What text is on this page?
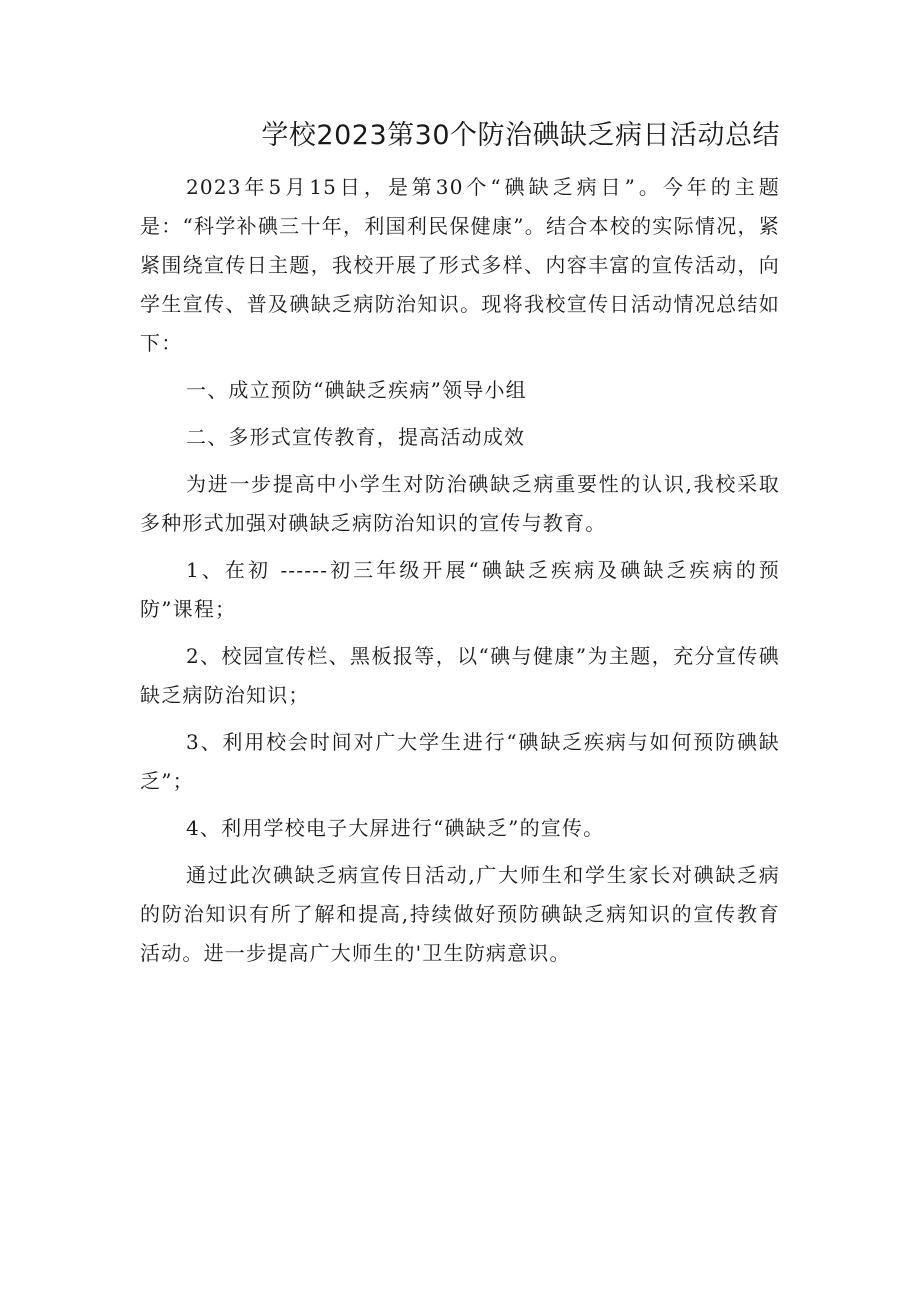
学校2023第30个防治碘缺乏病日活动总结

2023年5月15日，是第30个“碘缺乏病日”。今年的主题是：“科学补碘三十年，利国利民保健康”。结合本校的实际情况，紧紧围绕宣传日主题，我校开展了形式多样、内容丰富的宣传活动，向学生宣传、普及碘缺乏病防治知识。现将我校宣传日活动情况总结如下：

一、成立预防“碘缺乏疾病”领导小组

二、多形式宣传教育，提高活动成效

为进一步提高中小学生对防治碘缺乏病重要性的认识,我校采取多种形式加强对碘缺乏病防治知识的宣传与教育。

1、在初 ------初三年级开展“碘缺乏疾病及碘缺乏疾病的预防”课程；

2、校园宣传栏、黑板报等，以“碘与健康”为主题，充分宣传碘缺乏病防治知识；

3、利用校会时间对广大学生进行“碘缺乏疾病与如何预防碘缺乏”；

4、利用学校电子大屏进行“碘缺乏”的宣传。

通过此次碘缺乏病宣传日活动,广大师生和学生家长对碘缺乏病的防治知识有所了解和提高,持续做好预防碘缺乏病知识的宣传教育活动。进一步提高广大师生的'卫生防病意识。
